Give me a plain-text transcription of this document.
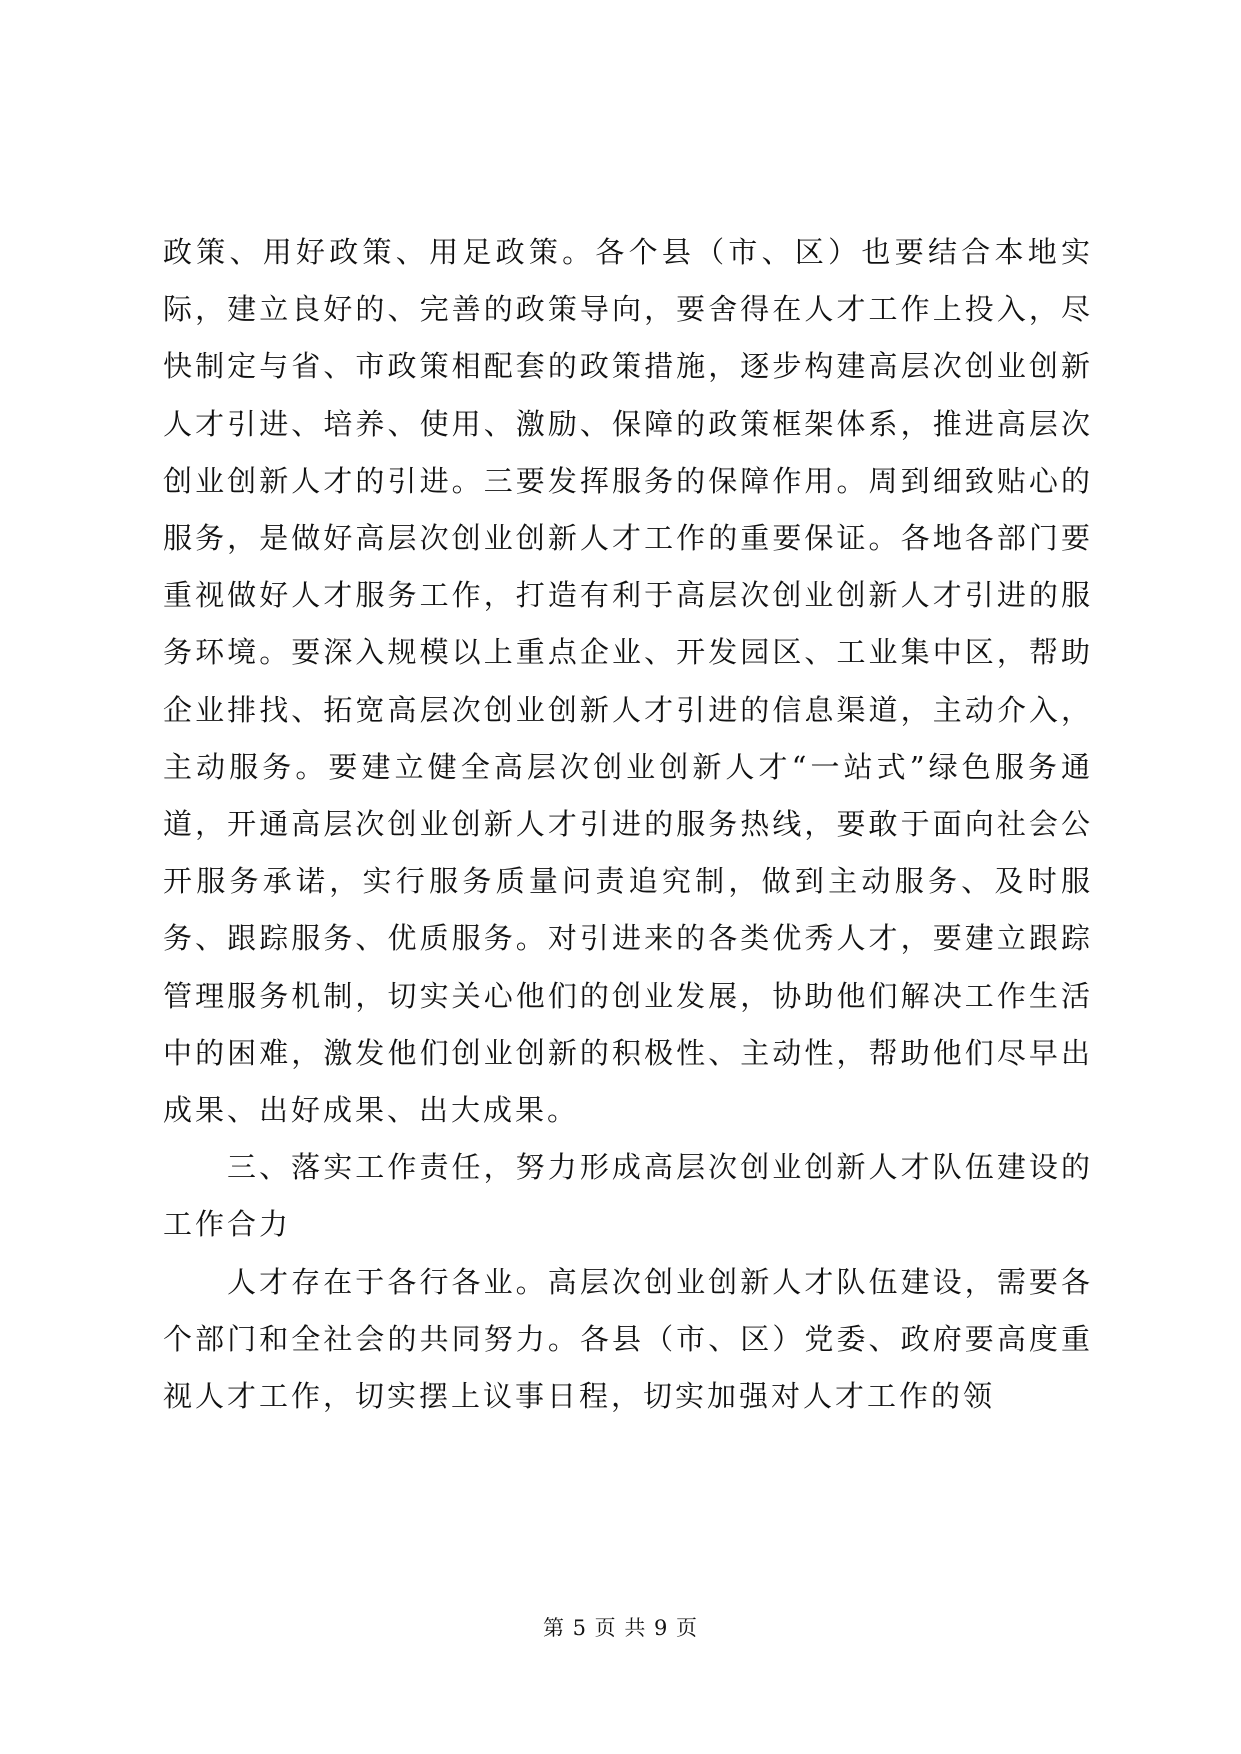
政策、用好政策、用足政策。各个县（市、区）也要结合本地实际，建立良好的、完善的政策导向，要舍得在人才工作上投入，尽快制定与省、市政策相配套的政策措施，逐步构建高层次创业创新人才引进、培养、使用、激励、保障的政策框架体系，推进高层次创业创新人才的引进。三要发挥服务的保障作用。周到细致贴心的服务，是做好高层次创业创新人才工作的重要保证。各地各部门要重视做好人才服务工作，打造有利于高层次创业创新人才引进的服务环境。要深入规模以上重点企业、开发园区、工业集中区，帮助企业排找、拓宽高层次创业创新人才引进的信息渠道，主动介入，主动服务。要建立健全高层次创业创新人才“一站式”绿色服务通道，开通高层次创业创新人才引进的服务热线，要敢于面向社会公开服务承诺，实行服务质量问责追究制，做到主动服务、及时服务、跟踪服务、优质服务。对引进来的各类优秀人才，要建立跟踪管理服务机制，切实关心他们的创业发展，协助他们解决工作生活中的困难，激发他们创业创新的积极性、主动性，帮助他们尽早出成果、出好成果、出大成果。

三、落实工作责任，努力形成高层次创业创新人才队伍建设的工作合力

人才存在于各行各业。高层次创业创新人才队伍建设，需要各个部门和全社会的共同努力。各县（市、区）党委、政府要高度重视人才工作，切实摆上议事日程，切实加强对人才工作的领

第 5 页 共 9 页
